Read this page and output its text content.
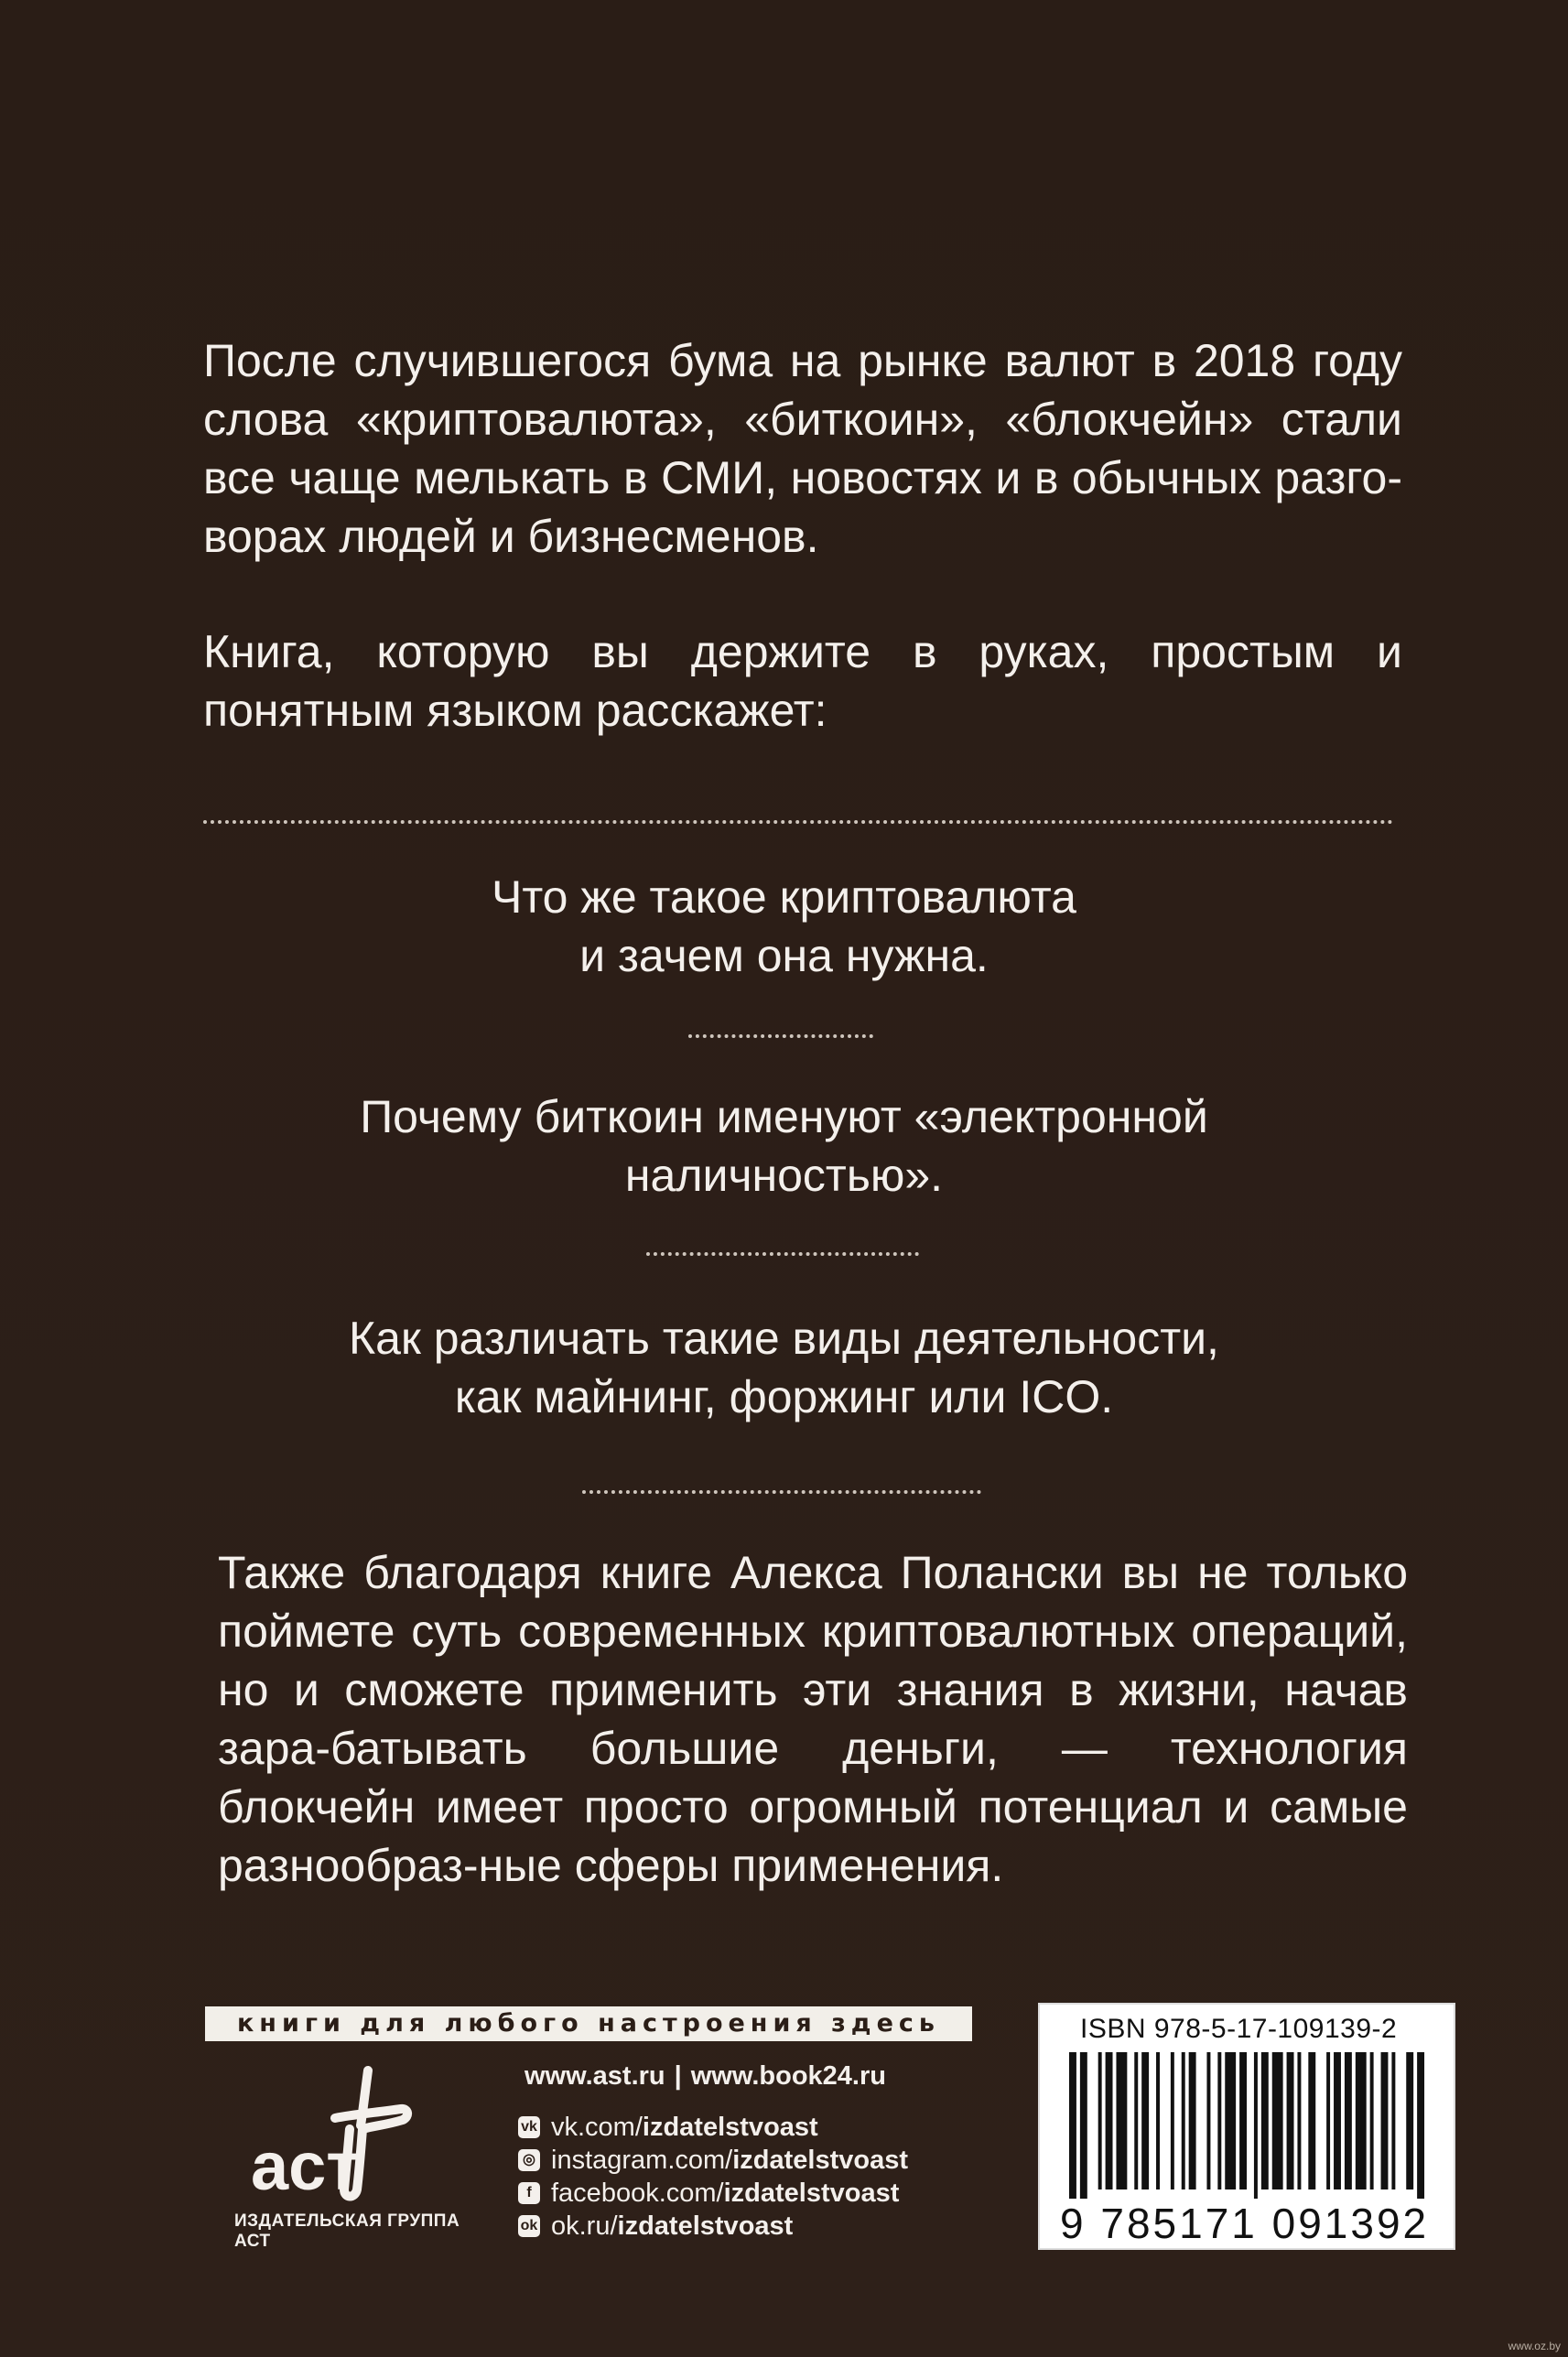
После случившегося бума на рынке валют в 2018 году слова «криптовалюта», «биткоин», «блокчейн» стали все чаще мелькать в СМИ, новостях и в обычных разго-ворах людей и бизнесменов.

Книга, которую вы держите в руках, простым и понятным языком расскажет:

Что же такое криптовалюта
и зачем она нужна.

Почему биткоин именуют «электронной
наличностью».

Как различать такие виды деятельности,
как майнинг, форжинг или ICO.

Также благодаря книге Алекса Полански вы не только поймете суть современных криптовалютных операций, но и сможете применить эти знания в жизни, начав зара-батывать большие деньги, — технология блокчейн имеет просто огромный потенциал и самые разнообраз-ные сферы применения.

книги для любого настроения здесь
аст
ИЗДАТЕЛЬСКАЯ ГРУППА АСТ
www.ast.ru | www.book24.ru
vk vk.com/ izdatelstvoast
◎ instagram.com/ izdatelstvoast
f facebook.com/ izdatelstvoast
ok ok.ru/ izdatelstvoast
ISBN 978-5-17-109139-2
9 785171 091392
www.oz.by
